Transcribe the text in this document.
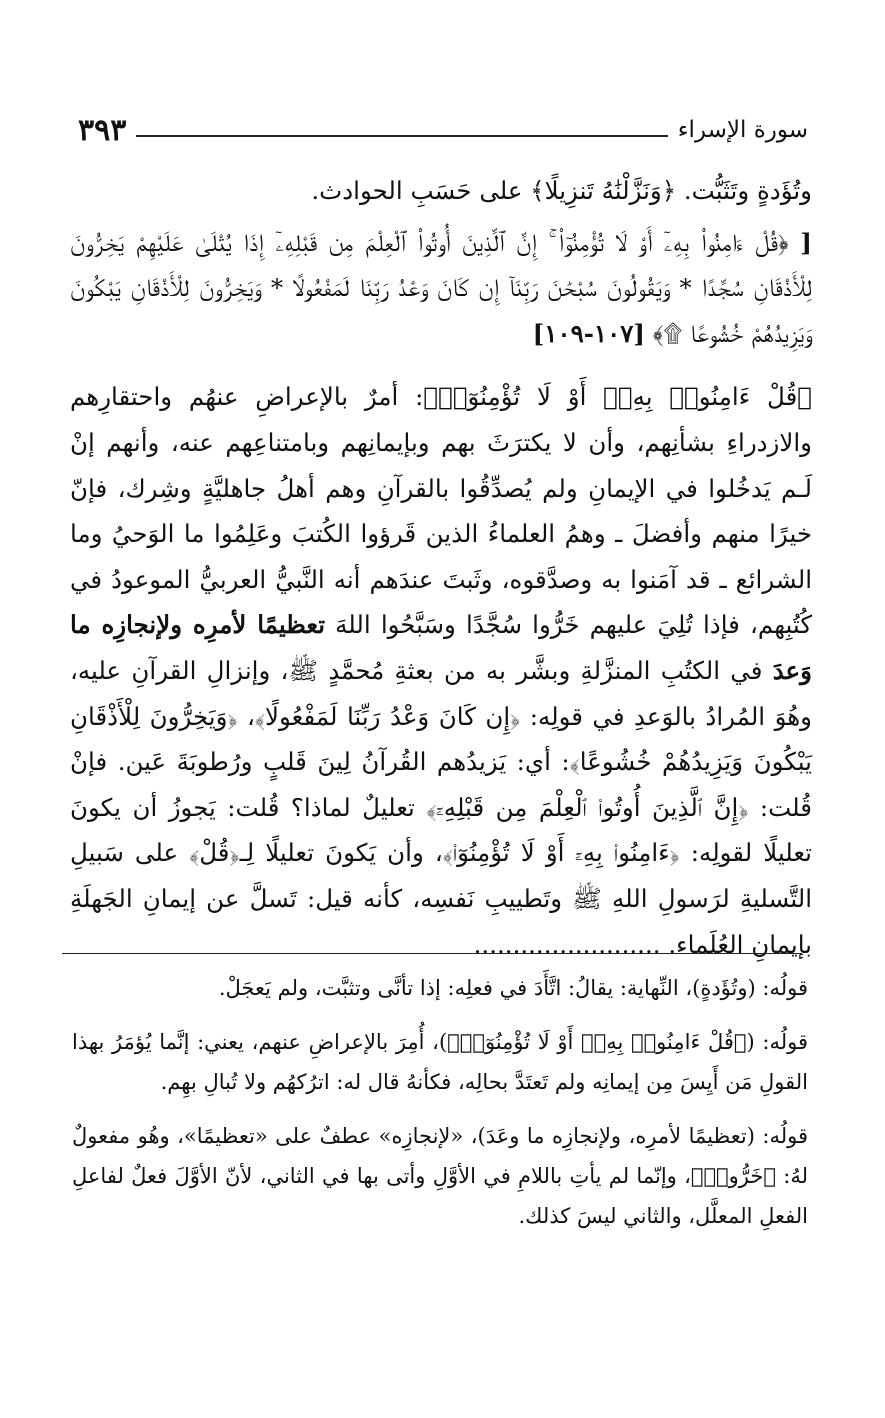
سورة الإسراء
٣٩٣

وتُؤَدةٍ وتَثَبُّت. ﴿وَنَزَّلْنَٰهُ تَنزِيلًا﴾ على حَسَبِ الحوادث.

[ ﴿قُلْ ءَامِنُوا۟ بِهِۦٓ أَوْ لَا تُؤْمِنُوٓا۟ ۚ إِنَّ ٱلَّذِينَ أُوتُوا۟ ٱلْعِلْمَ مِن قَبْلِهِۦٓ إِذَا يُتْلَىٰ عَلَيْهِمْ يَخِرُّونَ لِلْأَذْقَانِ سُجَّدًا * وَيَقُولُونَ سُبْحَٰنَ رَبِّنَآ إِن كَانَ وَعْدُ رَبِّنَا لَمَفْعُولًا * وَيَخِرُّونَ لِلْأَذْقَانِ يَبْكُونَ وَيَزِيدُهُمْ خُشُوعًا ۩﴾ [١٠٧-١٠٩]

﴿قُلْ ءَامِنُوا۟ بِهِۦٓ أَوْ لَا تُؤْمِنُوٓا۟﴾: أمرٌ بالإعراضِ عنهُم واحتقارِهم والازدراءِ بشأنِهم، وأن لا يكترَثَ بهم وبإيمانِهم وبامتناعِهم عنه، وأنهم إنْ لَـم يَدخُلوا في الإيمانِ ولم يُصدِّقُوا بالقرآنِ وهم أهلُ جاهليَّةٍ وشِرك، فإنّ خيرًا منهم وأفضلَ ـ وهمُ العلماءُ الذين قَرؤوا الكُتبَ وعَلِمُوا ما الوَحيُ وما الشرائع ـ قد آمَنوا به وصدَّقوه، وثَبتَ عندَهم أنه النَّبيُّ العربيُّ الموعودُ في كُتُبِهم، فإذا تُلِيَ عليهم خَرُّوا سُجَّدًا وسَبَّحُوا اللهَ تعظيمًا لأمرِه ولإنجازِه ما وَعدَ في الكتُبِ المنزَّلةِ وبشَّر به من بعثةِ مُحمَّدٍ ﷺ، وإنزالِ القرآنِ عليه، وهُوَ المُرادُ بالوَعدِ في قولِه: ﴿إِن كَانَ وَعْدُ رَبِّنَا لَمَفْعُولًا﴾، ﴿وَيَخِرُّونَ لِلْأَذْقَانِ يَبْكُونَ وَيَزِيدُهُمْ خُشُوعًا﴾: أي: يَزيدُهم القُرآنُ لِينَ قَلبٍ ورُطوبَةَ عَين. فإنْ قُلت: ﴿إِنَّ ٱلَّذِينَ أُوتُوا۟ ٱلْعِلْمَ مِن قَبْلِهِۦٓ﴾ تعليلٌ لماذا؟ قُلت: يَجوزُ أن يكونَ تعليلًا لقولِه: ﴿ءَامِنُوا۟ بِهِۦٓ أَوْ لَا تُؤْمِنُوٓا۟﴾، وأن يَكونَ تعليلًا لِـ﴿قُلْ﴾ على سَبيلِ التَّسليةِ لرَسولِ اللهِ ﷺ وتَطييبِ نَفسِه، كأنه قيل: تَسلَّ عن إيمانِ الجَهلَةِ بإيمانِ العُلَماء. ........................

قولُه: (وتُؤَدةٍ)، النِّهاية: يقالُ: اتَّأَدَ في فعلِه: إذا تأنَّى وتثبَّت، ولم يَعجَلْ.

قولُه: (﴿قُلْ ءَامِنُوا۟ بِهِۦٓ أَوْ لَا تُؤْمِنُوٓا۟﴾)، أُمِرَ بالإعراضِ عنهم، يعني: إنَّما يُؤمَرُ بهذا القولِ مَن أَيِسَ مِن إيمانِه ولم تَعتَدَّ بحالِه، فكأنهُ قال له: اترُكهُم ولا تُبالِ بهِم.

قولُه: (تعظيمًا لأمرِه، ولإنجازِه ما وعَدَ)، «لإنجازِه» عطفٌ على «تعظيمًا»، وهُو مفعولٌ لهُ: ﴿خَرُّوا۟﴾، وإنّما لم يأتِ باللامِ في الأوَّلِ وأتى بها في الثاني، لأنّ الأوَّلَ فعلٌ لفاعلِ الفعلِ المعلَّل، والثاني ليسَ كذلك.
